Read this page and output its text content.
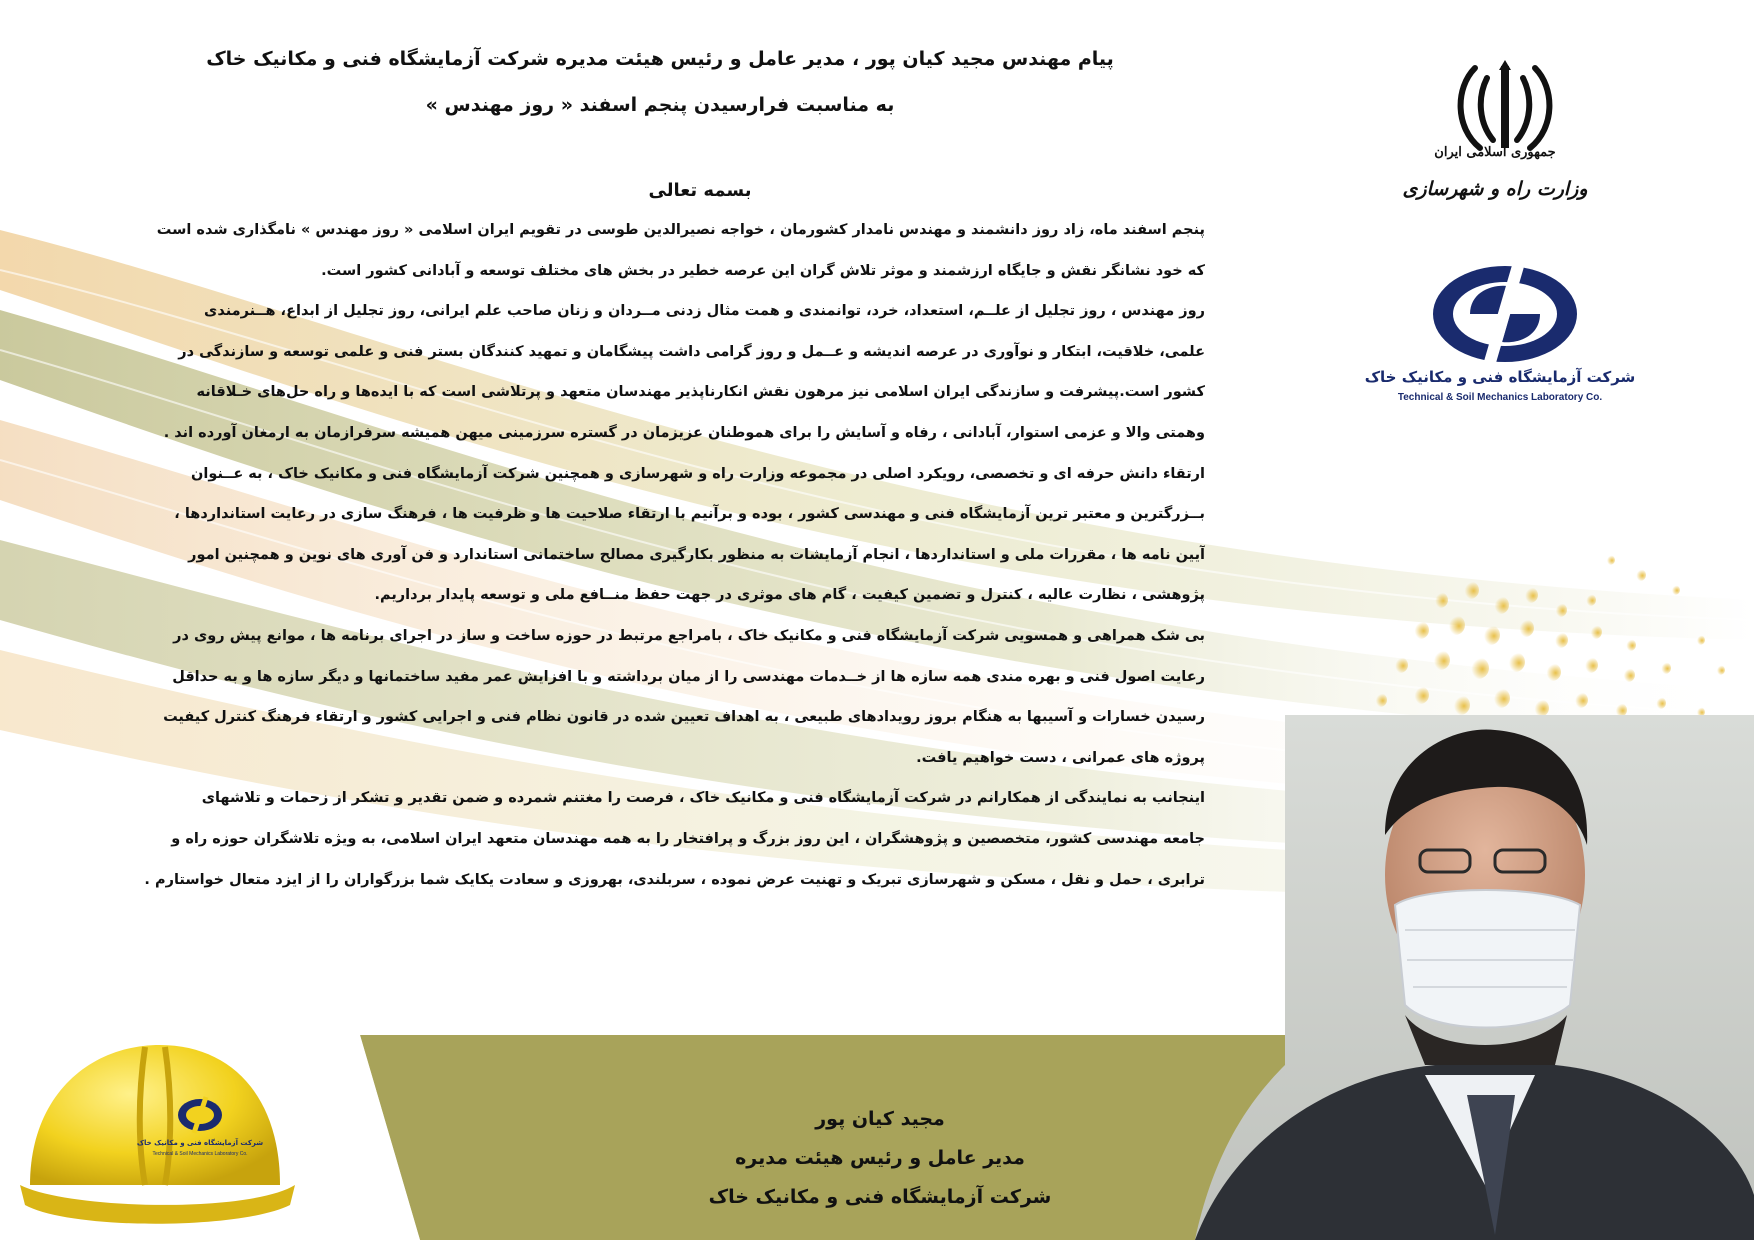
پیام مهندس مجید کیان پور ، مدیر عامل و رئیس هیئت مدیره شرکت آزمایشگاه فنی و مکانیک خاک
به مناسبت فرارسیدن پنجم اسفند « روز مهندس »
جمهوری اسلامی ایران
وزارت راه و شهرسازی
شرکت آزمایشگاه فنی و مکانیک خاک
Technical & Soil Mechanics Laboratory Co.
بسمه تعالی
پنجم اسفند ماه، زاد روز دانشمند و مهندس نامدار کشورمان ، خواجه نصیرالدین طوسی در تقویم ایران اسلامی « روز مهندس » نامگذاری شده است
که خود نشانگر نقش و جایگاه ارزشمند و موثر تلاش گران این عرصه خطیر در بخش های مختلف توسعه و آبادانی کشور است.
روز مهندس ، روز تجلیل از علــم، استعداد، خرد، توانمندی و همت مثال زدنی مــردان و زنان صاحب علم ایرانی، روز تجلیل از ابداع، هــنرمندی
علمی، خلاقیت، ابتکار و نوآوری در عرصه اندیشه و عــمل و روز گرامی داشت پیشگامان و تمهید کنندگان بستر فنی و علمی توسعه و سازندگی در
کشور است.پیشرفت و سازندگی ایران اسلامی نیز مرهون نقش انکارناپذیر مهندسان متعهد و پرتلاشی است که با ایده‌ها و راه حل‌های خـلاقانه
وهمتی والا و عزمی استوار، آبادانی ، رفاه و آسایش را برای هموطنان عزیزمان در گستره سرزمینی میهن همیشه سرفرازمان به ارمغان آورده اند .
ارتقاء دانش حرفه ای و تخصصی، رویکرد اصلی در مجموعه وزارت راه و شهرسازی و همچنین شرکت آزمایشگاه فنی و مکانیک خاک ، به عــنوان
بــزرگترین و معتبر ترین آزمایشگاه فنی و مهندسی کشور ، بوده و برآنیم با ارتقاء صلاحیت ها و ظرفیت ها ، فرهنگ سازی در رعایت استانداردها ،
آیین نامه ها ، مقررات ملی و استانداردها ، انجام آزمایشات به منظور بکارگیری مصالح ساختمانی استاندارد و فن آوری های نوین و همچنین امور
پژوهشی ، نظارت عالیه ، کنترل و تضمین کیفیت ، گام های موثری در جهت حفظ منــافع ملی و توسعه پایدار برداریم.
بی شک همراهی و همسویی شرکت آزمایشگاه فنی و مکانیک خاک ، بامراجع مرتبط در حوزه ساخت و ساز در اجرای برنامه ها ، موانع پیش روی در
رعایت اصول فنی و بهره مندی همه سازه ها از خــدمات مهندسی را از میان برداشته و با افزایش عمر مفید ساختمانها و دیگر سازه ها و به حداقل
رسیدن خسارات و آسیبها به هنگام بروز رویدادهای طبیعی ، به اهداف تعیین شده در قانون نظام فنی و اجرایی کشور و ارتقاء فرهنگ کنترل کیفیت
پروژه های عمرانی ، دست خواهیم یافت.
اینجانب به نمایندگی از همکارانم در شرکت آزمایشگاه فنی و مکانیک خاک ، فرصت را مغتنم شمرده و ضمن تقدیر و تشکر از زحمات و تلاشهای
جامعه مهندسی کشور، متخصصین و پژوهشگران ، این روز بزرگ و پرافتخار را به همه مهندسان متعهد ایران اسلامی، به ویژه تلاشگران حوزه راه و
ترابری ، حمل و نقل ، مسکن و شهرسازی تبریک و تهنیت عرض نموده ، سربلندی، بهروزی و سعادت یکایک شما بزرگواران را از ایزد متعال خواستارم .
شرکت آزمایشگاه فنی و مکانیک خاک
Technical & Soil Mechanics Laboratory Co.
مجید کیان پور
مدیر عامل و رئیس هیئت مدیره
شرکت آزمایشگاه فنی و مکانیک خاک
